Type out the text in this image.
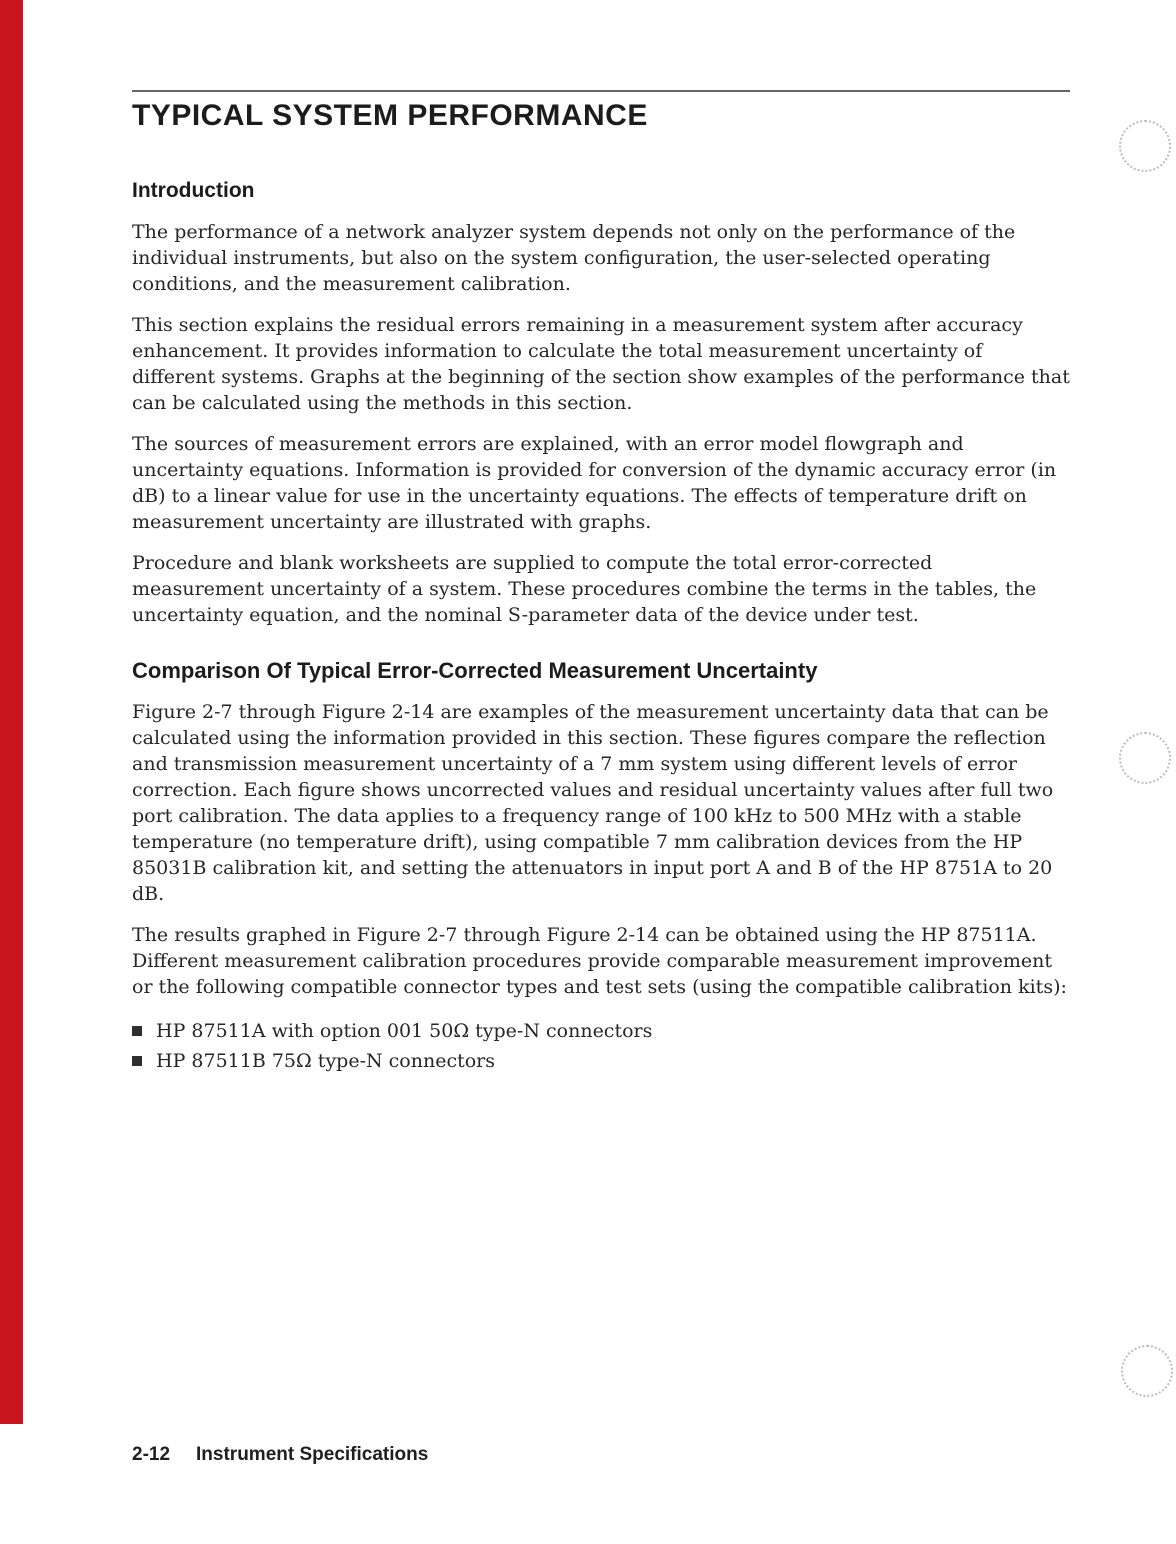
TYPICAL SYSTEM PERFORMANCE
Introduction

The performance of a network analyzer system depends not only on the performance of the individual instruments, but also on the system configuration, the user-selected operating conditions, and the measurement calibration.

This section explains the residual errors remaining in a measurement system after accuracy enhancement. It provides information to calculate the total measurement uncertainty of different systems. Graphs at the beginning of the section show examples of the performance that can be calculated using the methods in this section.

The sources of measurement errors are explained, with an error model flowgraph and uncertainty equations. Information is provided for conversion of the dynamic accuracy error (in dB) to a linear value for use in the uncertainty equations. The effects of temperature drift on measurement uncertainty are illustrated with graphs.

Procedure and blank worksheets are supplied to compute the total error-corrected measurement uncertainty of a system. These procedures combine the terms in the tables, the uncertainty equation, and the nominal S-parameter data of the device under test.

Comparison Of Typical Error-Corrected Measurement Uncertainty

Figure 2-7 through Figure 2-14 are examples of the measurement uncertainty data that can be calculated using the information provided in this section. These figures compare the reflection and transmission measurement uncertainty of a 7 mm system using different levels of error correction. Each figure shows uncorrected values and residual uncertainty values after full two port calibration. The data applies to a frequency range of 100 kHz to 500 MHz with a stable temperature (no temperature drift), using compatible 7 mm calibration devices from the HP 85031B calibration kit, and setting the attenuators in input port A and B of the HP 8751A to 20 dB.

The results graphed in Figure 2-7 through Figure 2-14 can be obtained using the HP 87511A. Different measurement calibration procedures provide comparable measurement improvement or the following compatible connector types and test sets (using the compatible calibration kits):

HP 87511A with option 001 50Ω type-N connectors
HP 87511B 75Ω type-N connectors
2-12 Instrument Specifications
